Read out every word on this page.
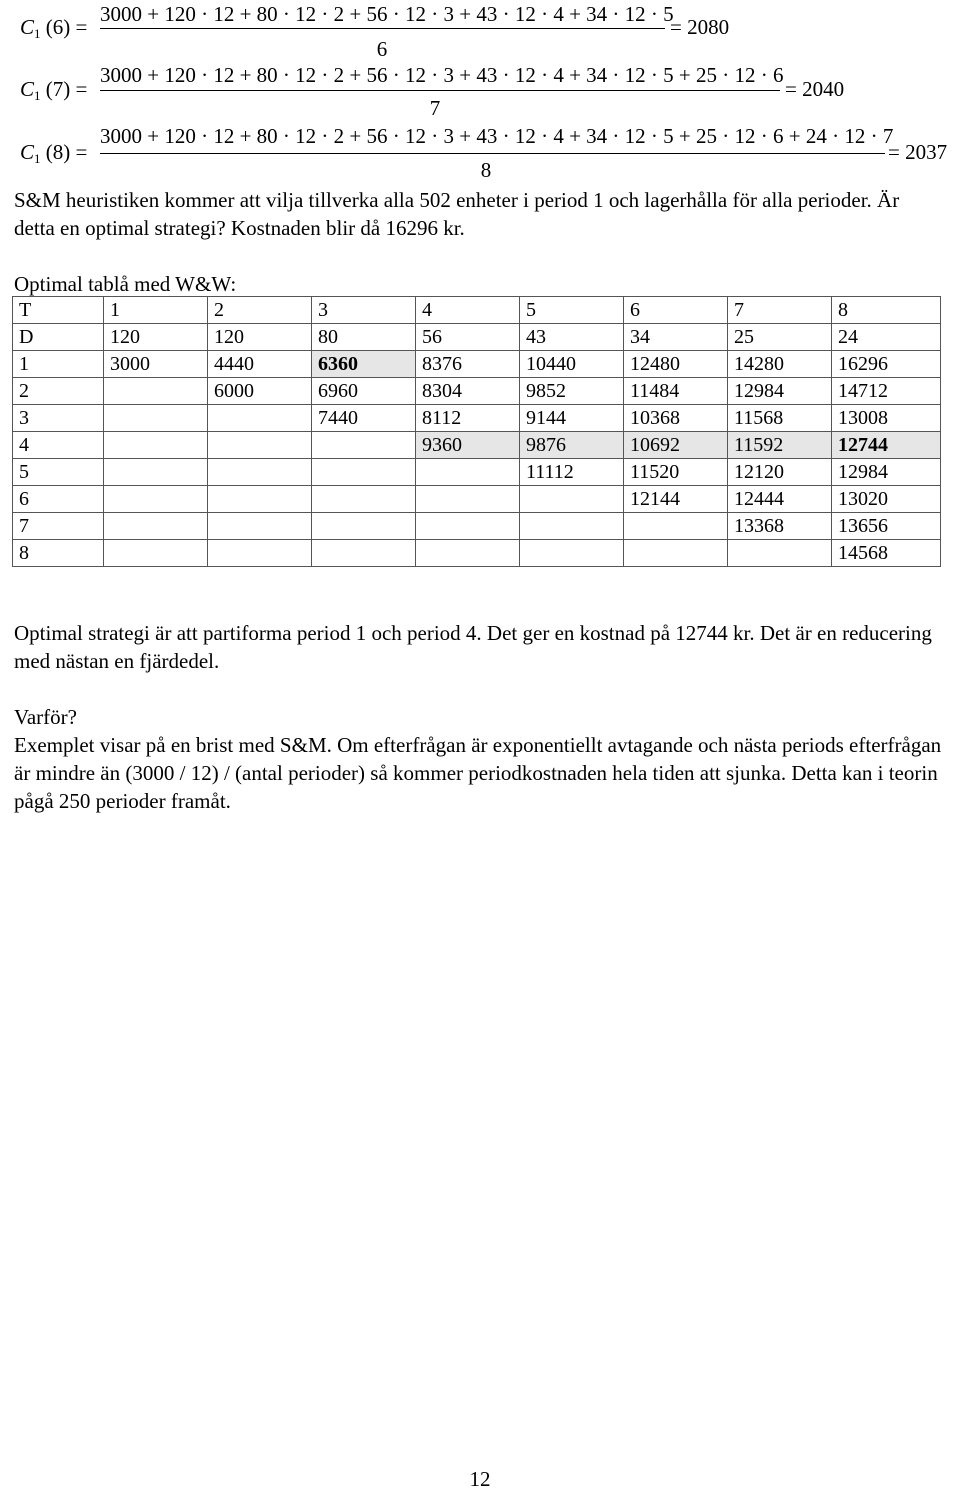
3000 + 120 · 12 + 80 · 12 · 2 + 56 · 12 · 3 + 43 · 12 · 4 + 34 · 12 · 5
$C_1$ (6) =	= 2080
6
3000 + 120 · 12 + 80 · 12 · 2 + 56 · 12 · 3 + 43 · 12 · 4 + 34 · 12 · 5 + 25 · 12 · 6
$C_1$ (7) =	= 2040
7
3000 + 120 · 12 + 80 · 12 · 2 + 56 · 12 · 3 + 43 · 12 · 4 + 34 · 12 · 5 + 25 · 12 · 6 + 24 · 12 · 7
$C_1$ (8) =	= 2037
8

S&M heuristiken kommer att vilja tillverka alla 502 enheter i period 1 och lagerhålla för alla perioder. Är detta en optimal strategi? Kostnaden blir då 16296 kr.

Optimal tablå med W&W:

T	1	2	3	4	5	6	7	8
D	120	120	80	56	43	34	25	24
1	3000	4440	6360	8376	10440	12480	14280	16296
2		6000	6960	8304	9852	11484	12984	14712
3			7440	8112	9144	10368	11568	13008
4				9360	9876	10692	11592	12744
5					11112	11520	12120	12984
6						12144	12444	13020
7							13368	13656
8								14568

Optimal strategi är att partiforma period 1 och period 4. Det ger en kostnad på 12744 kr. Det är en reducering med nästan en fjärdedel.

Varför?

Exemplet visar på en brist med S&M. Om efterfrågan är exponentiellt avtagande och nästa periods efterfrågan är mindre än (3000 / 12) / (antal perioder) så kommer periodkostnaden hela tiden att sjunka. Detta kan i teorin pågå 250 perioder framåt.

12
